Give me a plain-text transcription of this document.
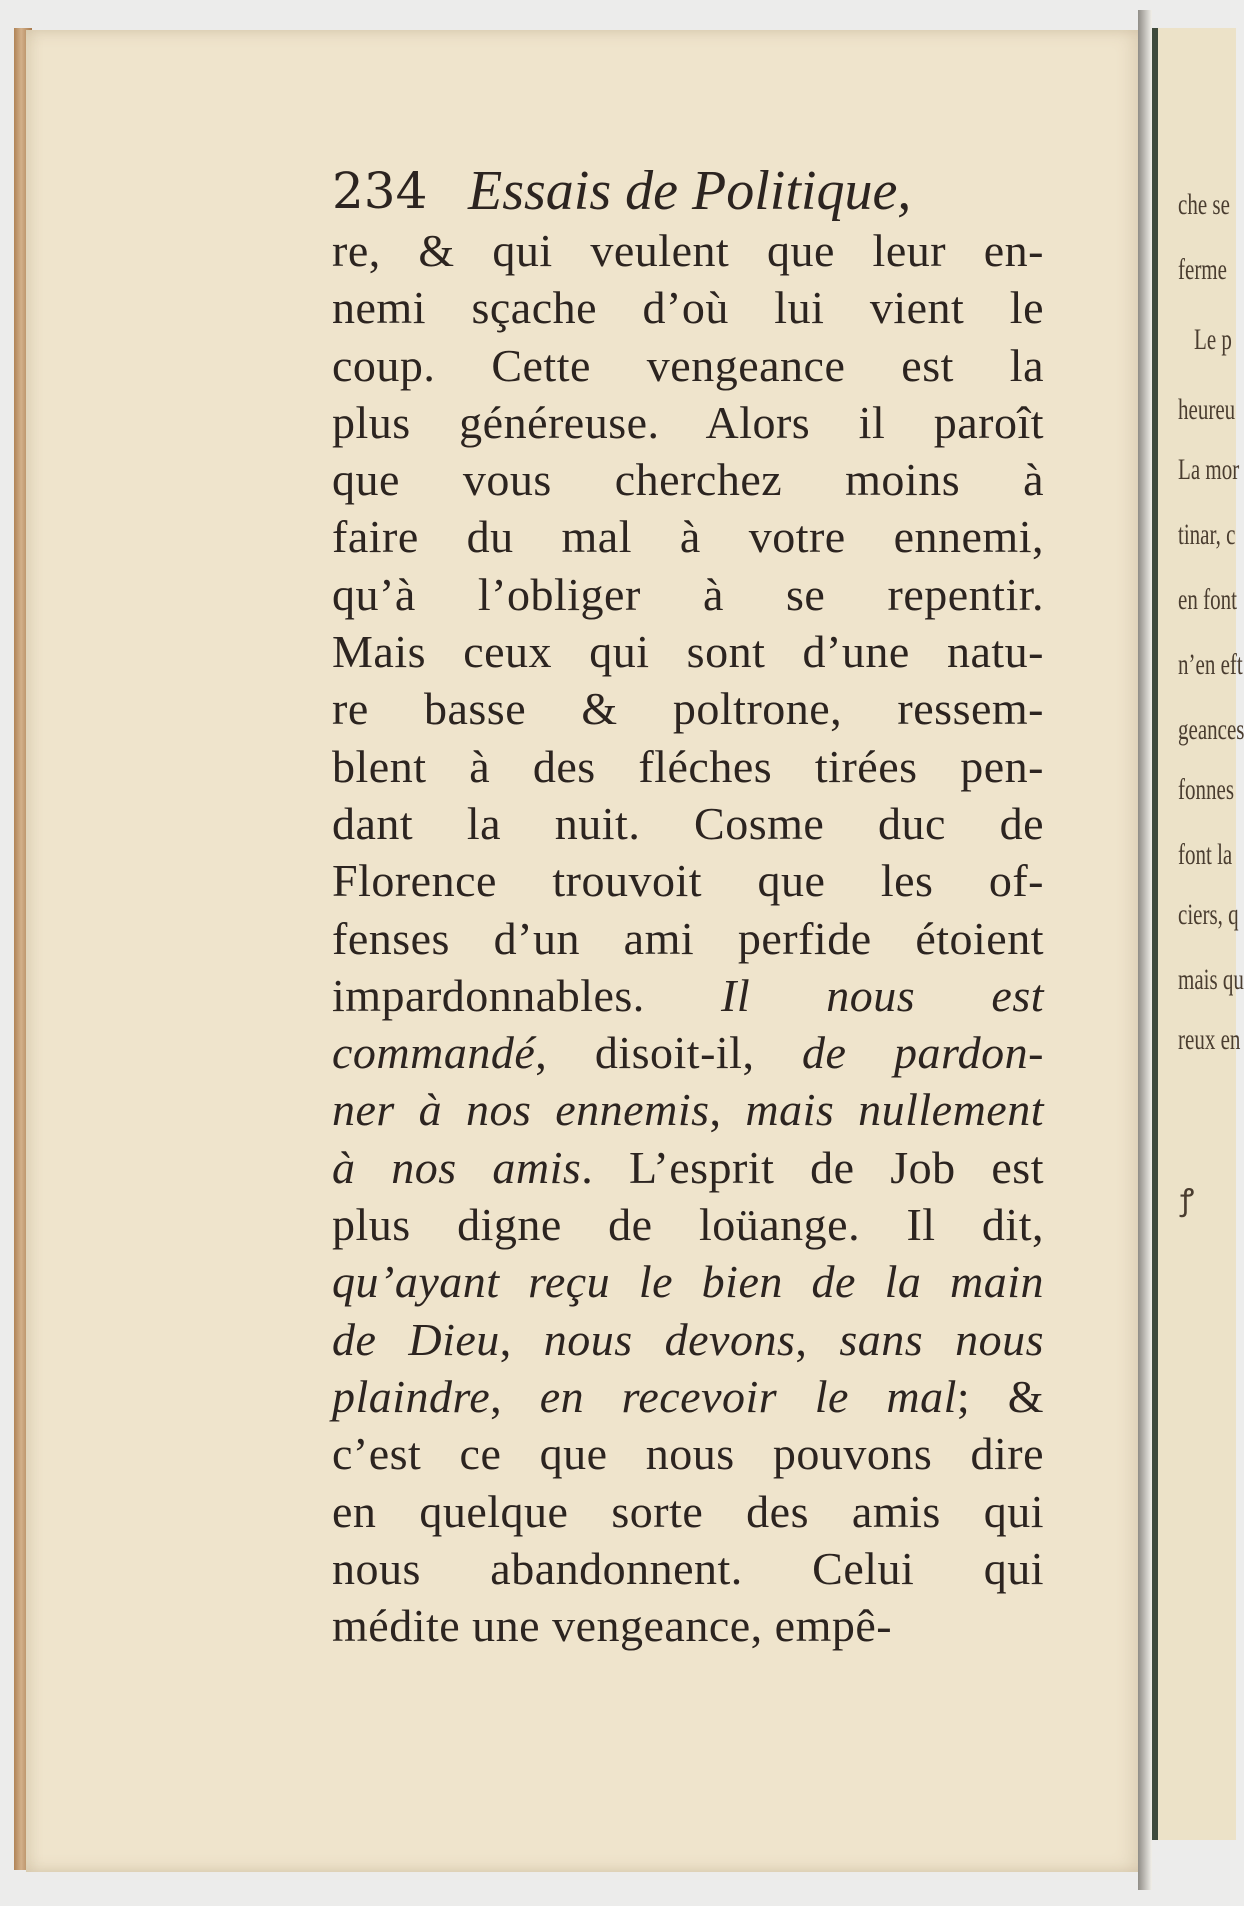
che se
ferme
Le p
heureu
La mor
tinar, c
en font
n’en eft
geances
fonnes
font la
ciers, q
mais qu
reux en
ꝭ
234 Essais de Politique,
re, & qui veulent que leur en-
nemi sçache d’où lui vient le
coup. Cette vengeance est la
plus généreuse. Alors il paroît
que vous cherchez moins à
faire du mal à votre ennemi,
qu’à l’obliger à se repentir.
Mais ceux qui sont d’une natu-
re basse & poltrone, ressem-
blent à des fléches tirées pen-
dant la nuit. Cosme duc de
Florence trouvoit que les of-
fenses d’un ami perfide étoient
impardonnables. Il nous est
commandé, disoit-il, de pardon-
ner à nos ennemis, mais nullement
à nos amis. L’esprit de Job est
plus digne de loüange. Il dit,
qu’ayant reçu le bien de la main
de Dieu, nous devons, sans nous
plaindre, en recevoir le mal; &
c’est ce que nous pouvons dire
en quelque sorte des amis qui
nous abandonnent. Celui qui
médite une vengeance, empê-
